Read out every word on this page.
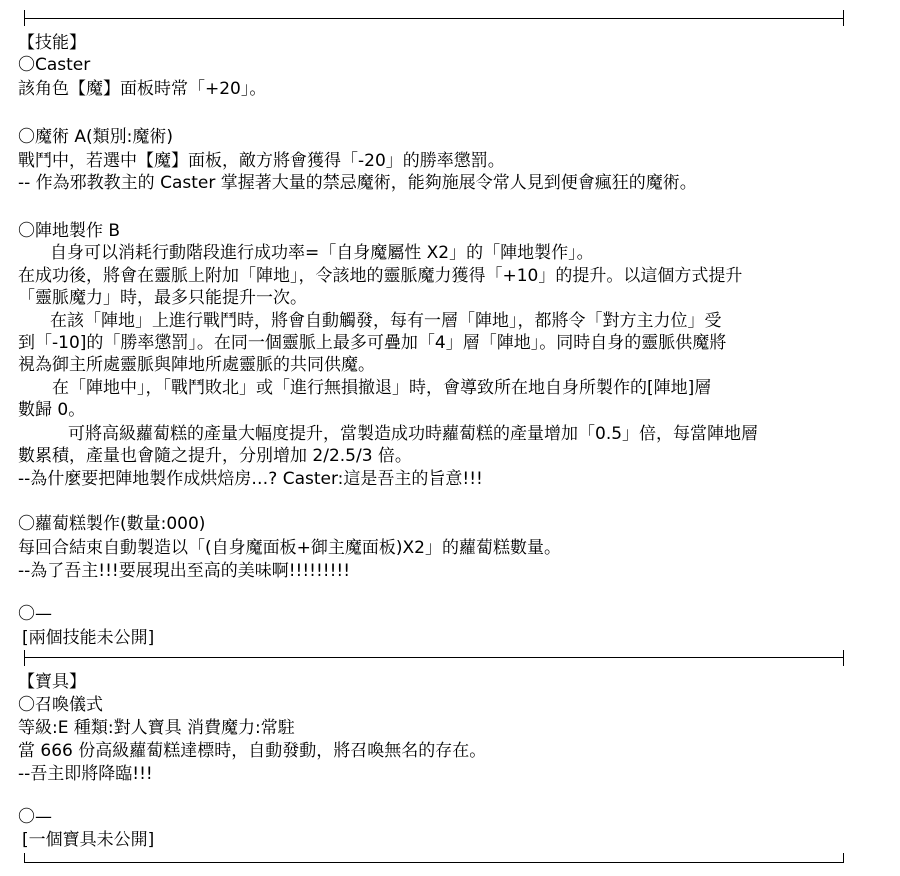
【技能】
〇Caster
該角色【魔】面板時常「+20」。
〇魔術 A(類別:魔術)
戰鬥中，若選中【魔】面板，敵方將會獲得「-20」的勝率懲罰。
-- 作為邪教教主的 Caster 掌握著大量的禁忌魔術，能夠施展令常人見到便會瘋狂的魔術。
〇陣地製作 B
自身可以消耗行動階段進行成功率=「自身魔屬性 X2」的「陣地製作」。
在成功後，將會在靈脈上附加「陣地」，令該地的靈脈魔力獲得「+10」的提升。以這個方式提升
「靈脈魔力」時，最多只能提升一次。
在該「陣地」上進行戰鬥時，將會自動觸發，每有一層「陣地」，都將令「對方主力位」受
到「-10]的「勝率懲罰」。在同一個靈脈上最多可疊加「4」層「陣地」。同時自身的靈脈供魔將
視為御主所處靈脈與陣地所處靈脈的共同供魔。
在「陣地中」，「戰鬥敗北」或「進行無損撤退」時，會導致所在地自身所製作的[陣地]層
數歸 0。
可將高級蘿蔔糕的產量大幅度提升，當製造成功時蘿蔔糕的產量增加「0.5」倍，每當陣地層
數累積，產量也會隨之提升，分別增加 2/2.5/3 倍。
--為什麼要把陣地製作成烘焙房…? Caster:這是吾主的旨意!!!
〇蘿蔔糕製作(數量:000)
每回合結束自動製造以「(自身魔面板+御主魔面板)X2」的蘿蔔糕數量。
--為了吾主!!!要展現出至高的美味啊!!!!!!!!!
〇—
[兩個技能未公開]
【寶具】
〇召喚儀式
等級:E 種類:對人寶具 消費魔力:常駐
當 666 份高級蘿蔔糕達標時，自動發動，將召喚無名的存在。
--吾主即將降臨!!!
〇—
[一個寶具未公開]
